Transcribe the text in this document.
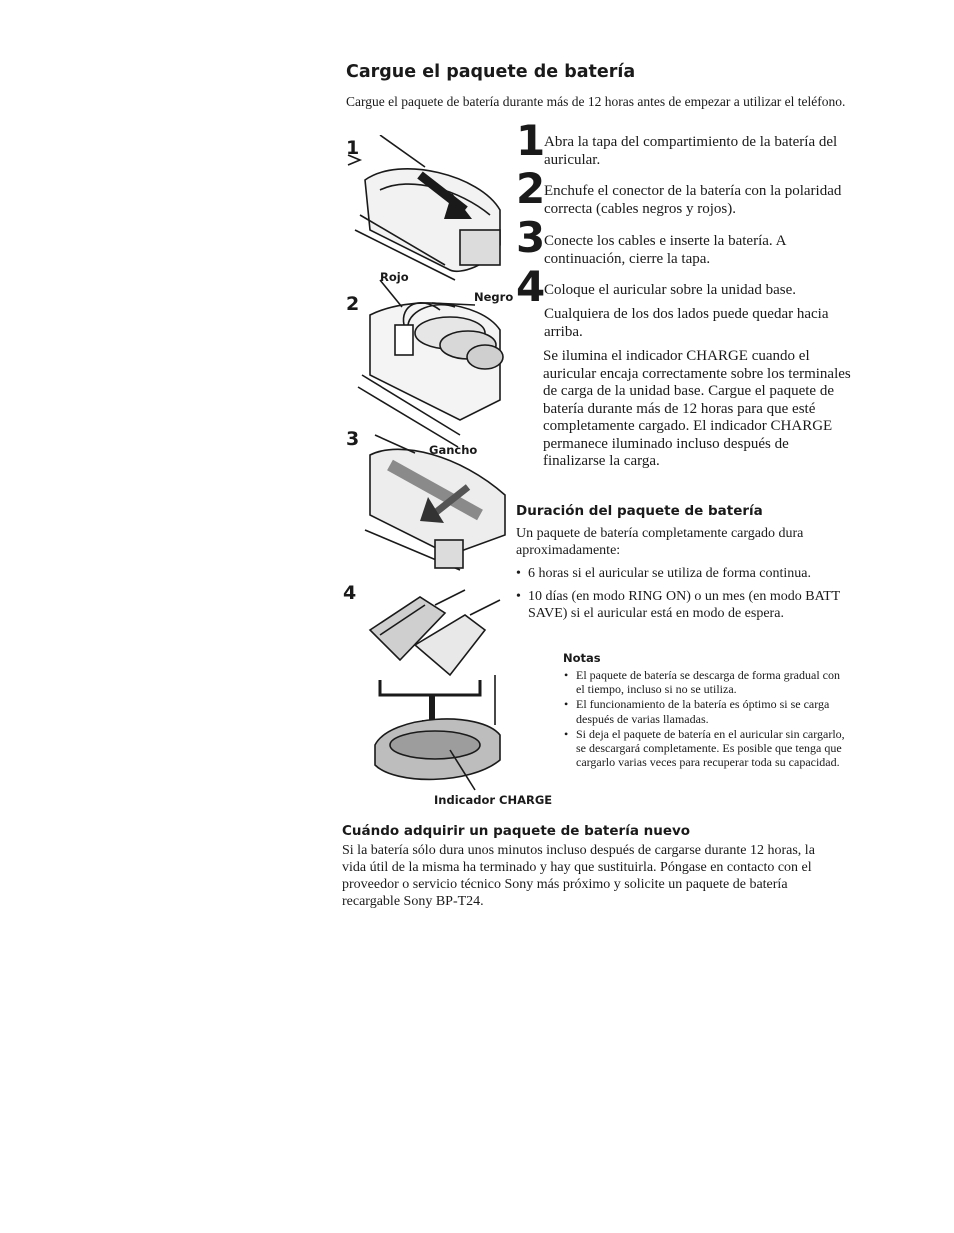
Cargue el paquete de batería
Cargue el paquete de batería durante más de 12 horas antes de empezar a utilizar el teléfono.
1
2
3
4
Rojo
Negro
Gancho
Indicador CHARGE
1
Abra la tapa del compartimiento de la batería del auricular.
2
Enchufe el conector de la batería con la polaridad correcta (cables negros y rojos).
3
Conecte los cables e inserte la batería. A continuación, cierre la tapa.
4
Coloque el auricular sobre la unidad base.
Cualquiera de los dos lados puede quedar hacia arriba.
Se ilumina el indicador CHARGE cuando el auricular encaja correctamente sobre los terminales de carga de la unidad base. Cargue el paquete de batería durante más de 12 horas para que esté completamente cargado. El indicador CHARGE permanece iluminado incluso después de finalizarse la carga.
Duración del paquete de batería
Un paquete de batería completamente cargado dura aproximadamente:
• 6 horas si el auricular se utiliza de forma continua.
• 10 días (en modo RING ON) o un mes (en modo BATT SAVE) si el auricular está en modo de espera.
Notas
• El paquete de batería se descarga de forma gradual con el tiempo, incluso si no se utiliza.
• El funcionamiento de la batería es óptimo si se carga después de varias llamadas.
• Si deja el paquete de batería en el auricular sin cargarlo, se descargará completamente. Es posible que tenga que cargarlo varias veces para recuperar toda su capacidad.
Cuándo adquirir un paquete de batería nuevo
Si la batería sólo dura unos minutos incluso después de cargarse durante 12 horas, la vida útil de la misma ha terminado y hay que sustituirla. Póngase en contacto con el proveedor o servicio técnico Sony más próximo y solicite un paquete de batería recargable Sony BP-T24.
